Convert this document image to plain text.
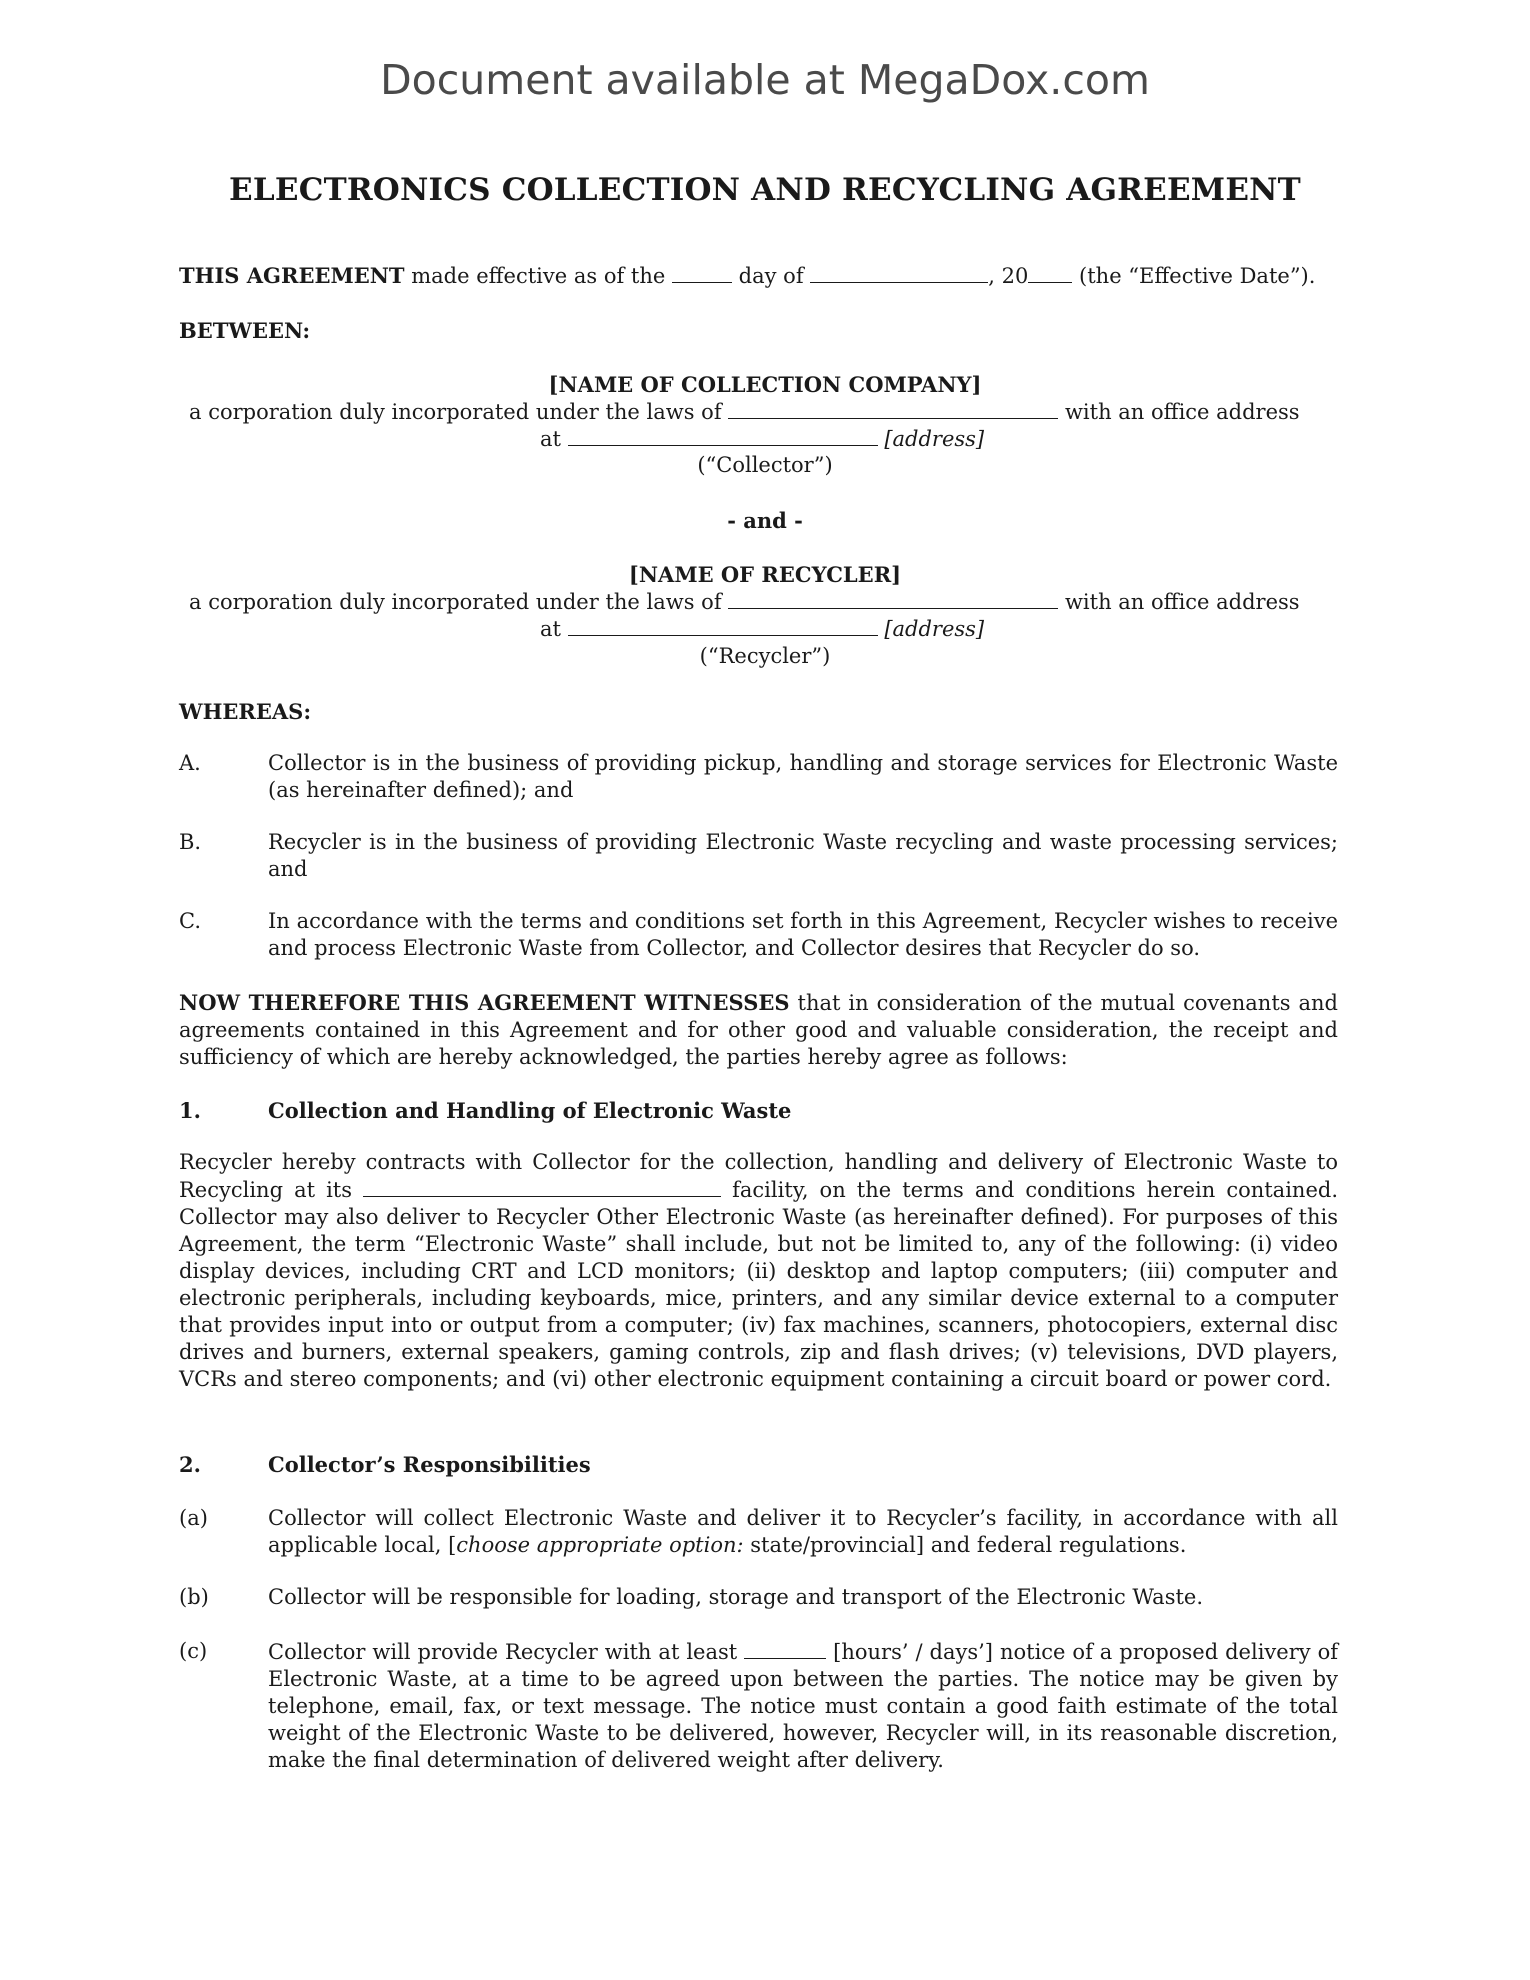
Document available at MegaDox.com
ELECTRONICS COLLECTION AND RECYCLING AGREEMENT
THIS AGREEMENT made effective as of the	day of	, 20 (the “Effective Date”).
BETWEEN:
[NAME OF COLLECTION COMPANY]
a corporation duly incorporated under the laws of	with an office address
at	[address]
(“Collector”)
- and -
[NAME OF RECYCLER]
a corporation duly incorporated under the laws of	with an office address
at	[address]
(“Recycler”)
WHEREAS:
A.	Collector is in the business of providing pickup, handling and storage services for Electronic Waste (as hereinafter defined); and
B.	Recycler is in the business of providing Electronic Waste recycling and waste processing services; and
C.	In accordance with the terms and conditions set forth in this Agreement, Recycler wishes to receive and process Electronic Waste from Collector, and Collector desires that Recycler do so.
NOW THEREFORE THIS AGREEMENT WITNESSES that in consideration of the mutual covenants and agreements contained in this Agreement and for other good and valuable consideration, the receipt and sufficiency of which are hereby acknowledged, the parties hereby agree as follows:
1.	Collection and Handling of Electronic Waste
Recycler hereby contracts with Collector for the collection, handling and delivery of Electronic Waste to Recycling at its	facility, on the terms and conditions herein contained. Collector may also deliver to Recycler Other Electronic Waste (as hereinafter defined). For purposes of this Agreement, the term “Electronic Waste” shall include, but not be limited to, any of the following: (i) video display devices, including CRT and LCD monitors; (ii) desktop and laptop computers; (iii) computer and electronic peripherals, including keyboards, mice, printers, and any similar device external to a computer that provides input into or output from a computer; (iv) fax machines, scanners, photocopiers, external disc drives and burners, external speakers, gaming controls, zip and flash drives; (v) televisions, DVD players, VCRs and stereo components; and (vi) other electronic equipment containing a circuit board or power cord.
2.	Collector’s Responsibilities
(a)	Collector will collect Electronic Waste and deliver it to Recycler’s facility, in accordance with all applicable local, [choose appropriate option: state/provincial] and federal regulations.
(b)	Collector will be responsible for loading, storage and transport of the Electronic Waste.
(c)	Collector will provide Recycler with at least	[hours’ / days’] notice of a proposed delivery of Electronic Waste, at a time to be agreed upon between the parties. The notice may be given by telephone, email, fax, or text message. The notice must contain a good faith estimate of the total weight of the Electronic Waste to be delivered, however, Recycler will, in its reasonable discretion, make the final determination of delivered weight after delivery.
